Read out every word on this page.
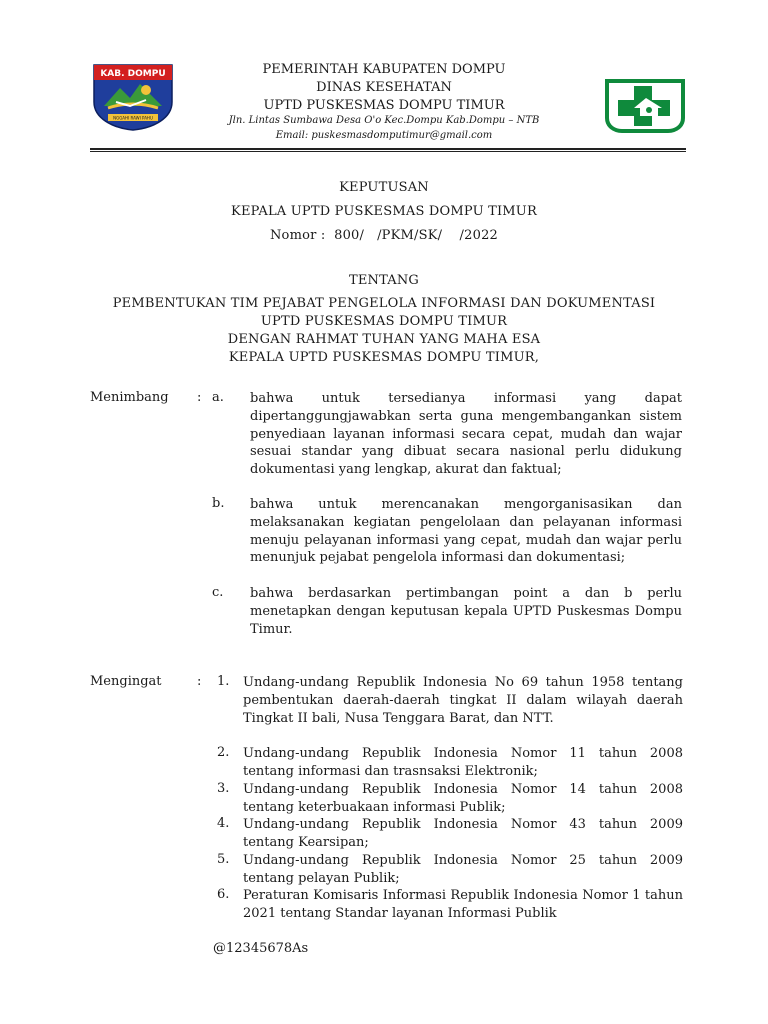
KAB. DOMPU
NGGAHI RAWI PAHU
PEMERINTAH KABUPATEN DOMPU
DINAS KESEHATAN
UPTD PUSKESMAS DOMPU TIMUR
Jln. Lintas Sumbawa Desa O'o Kec.Dompu Kab.Dompu – NTB
Email: puskesmasdomputimur@gmail.com
KEPUTUSAN
KEPALA UPTD PUSKESMAS DOMPU TIMUR
Nomor :  800/   /PKM/SK/    /2022
TENTANG
PEMBENTUKAN TIM PEJABAT PENGELOLA INFORMASI DAN DOKUMENTASI
UPTD PUSKESMAS DOMPU TIMUR
DENGAN RAHMAT TUHAN YANG MAHA ESA
KEPALA UPTD PUSKESMAS DOMPU TIMUR,
Menimbang : a. bahwa untuk tersedianya informasi yang dapat dipertanggungjawabkan serta guna mengembangankan sistem penyediaan layanan informasi secara cepat, mudah dan wajar sesuai standar yang dibuat secara nasional perlu didukung dokumentasi yang lengkap, akurat dan faktual;
b. bahwa untuk merencanakan mengorganisasikan dan melaksanakan kegiatan pengelolaan dan pelayanan informasi menuju pelayanan informasi yang cepat, mudah dan wajar perlu menunjuk pejabat pengelola informasi dan dokumentasi;
c. bahwa berdasarkan pertimbangan point a dan b perlu menetapkan dengan keputusan kepala UPTD Puskesmas Dompu Timur.
Mengingat	: 1. Undang-undang Republik Indonesia No 69 tahun 1958 tentang pembentukan daerah-daerah tingkat II dalam wilayah daerah Tingkat II bali, Nusa Tenggara Barat, dan NTT.
2. Undang-undang Republik Indonesia Nomor 11 tahun 2008 tentang informasi dan trasnsaksi Elektronik;
3. Undang-undang Republik Indonesia Nomor 14 tahun 2008 tentang keterbuakaan informasi Publik;
4. Undang-undang Republik Indonesia Nomor 43 tahun 2009 tentang Kearsipan;
5. Undang-undang Republik Indonesia Nomor 25 tahun 2009 tentang pelayan Publik;
6. Peraturan Komisaris Informasi Republik Indonesia Nomor 1 tahun 2021 tentang Standar layanan Informasi Publik
@12345678As
